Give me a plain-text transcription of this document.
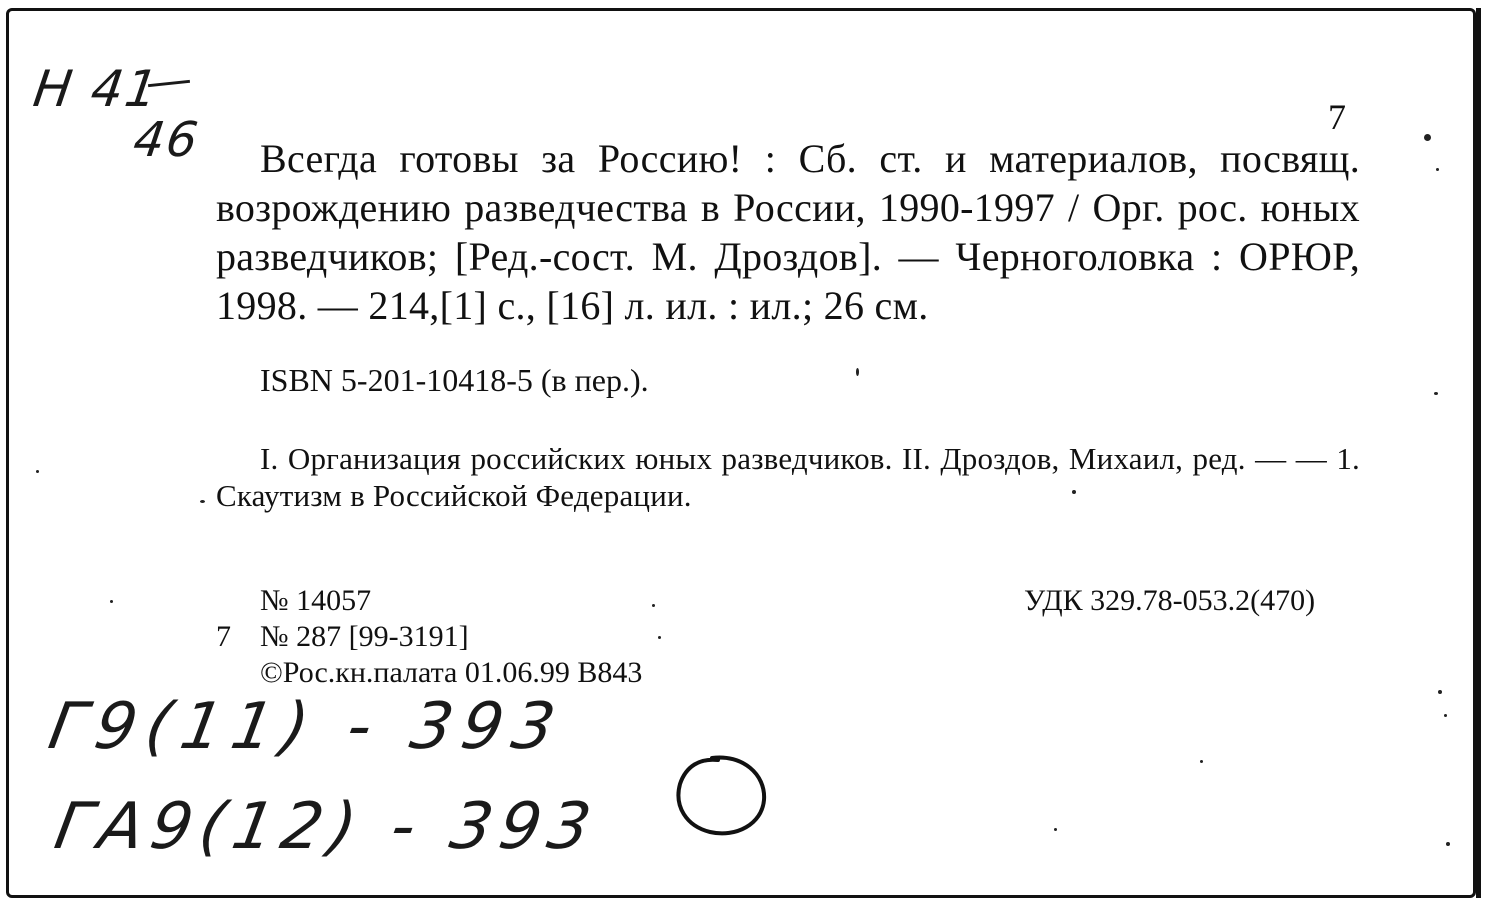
Н 41
46	7
Всегда готовы за Россию! : Сб. ст. и материалов, посвящ. возрождению разведчества в России, 1990-1997 / Орг. рос. юных разведчиков; [Ред.-сост. М. Дроздов]. — Черноголовка : ОРЮР, 1998. — 214,[1] с., [16] л. ил. : ил.; 26 см.
ISBN 5-201-10418-5 (в пер.).
I. Организация российских юных разведчиков. II. Дроздов, Михаил, ред. — — 1. Скаутизм в Российской Федерации.
№ 14057	УДК 329.78-053.2(470)
7 № 287 [99-3191]
©Рос.кн.палата 01.06.99 В843
Г9(11) - 393
ГА9(12) - 393
